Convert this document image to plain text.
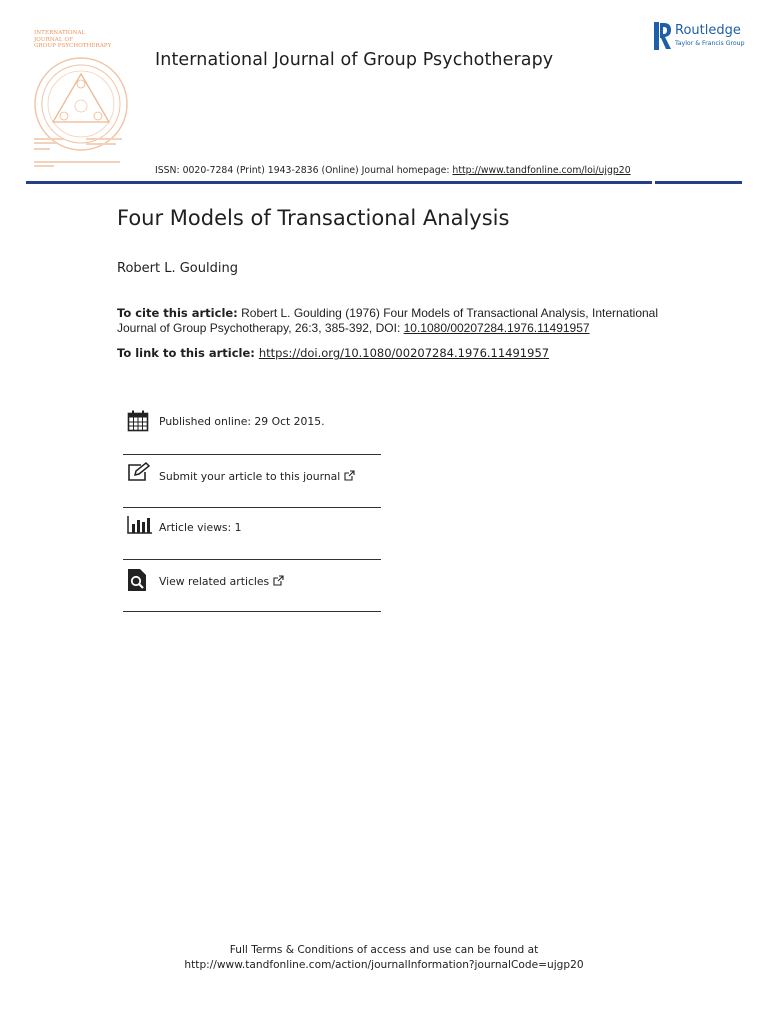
INTERNATIONAL
JOURNAL OF
GROUP PSYCHOTHERAPY
International Journal of Group Psychotherapy
Routledge
Taylor & Francis Group
ISSN: 0020-7284 (Print) 1943-2836 (Online) Journal homepage: http://www.tandfonline.com/loi/ujgp20
Four Models of Transactional Analysis
Robert L. Goulding
To cite this article: Robert L. Goulding (1976) Four Models of Transactional Analysis, International Journal of Group Psychotherapy, 26:3, 385-392, DOI: 10.1080/00207284.1976.11491957
To link to this article: https://doi.org/10.1080/00207284.1976.11491957
Published online: 29 Oct 2015.
Submit your article to this journal
Article views: 1
View related articles
Full Terms & Conditions of access and use can be found at
http://www.tandfonline.com/action/journalInformation?journalCode=ujgp20
